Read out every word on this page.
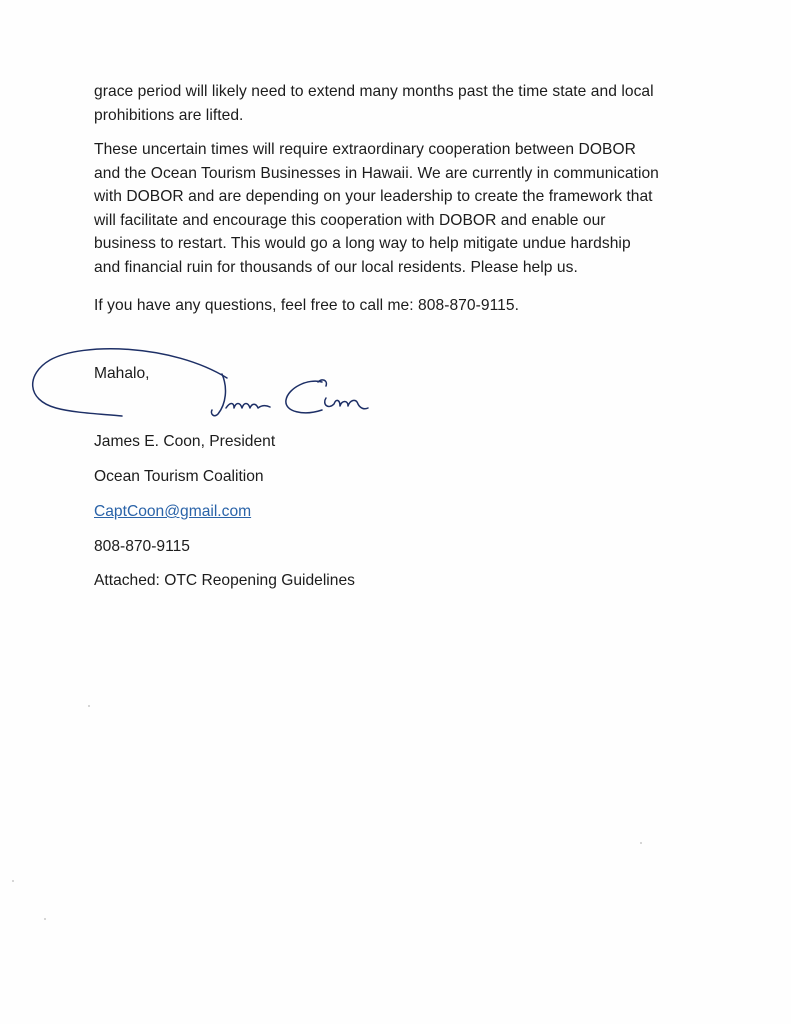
grace period will likely need to extend many months past the time state and local
prohibitions are lifted.

These uncertain times will require extraordinary cooperation between DOBOR
and the Ocean Tourism Businesses in Hawaii. We are currently in communication
with DOBOR and are depending on your leadership to create the framework that
will facilitate and encourage this cooperation with DOBOR and enable our
business to restart. This would go a long way to help mitigate undue hardship
and financial ruin for thousands of our local residents. Please help us.

If you have any questions, feel free to call me: 808-870-9115.

Mahalo,
James E. Coon, President
Ocean Tourism Coalition
CaptCoon@gmail.com
808-870-9115
Attached: OTC Reopening Guidelines
